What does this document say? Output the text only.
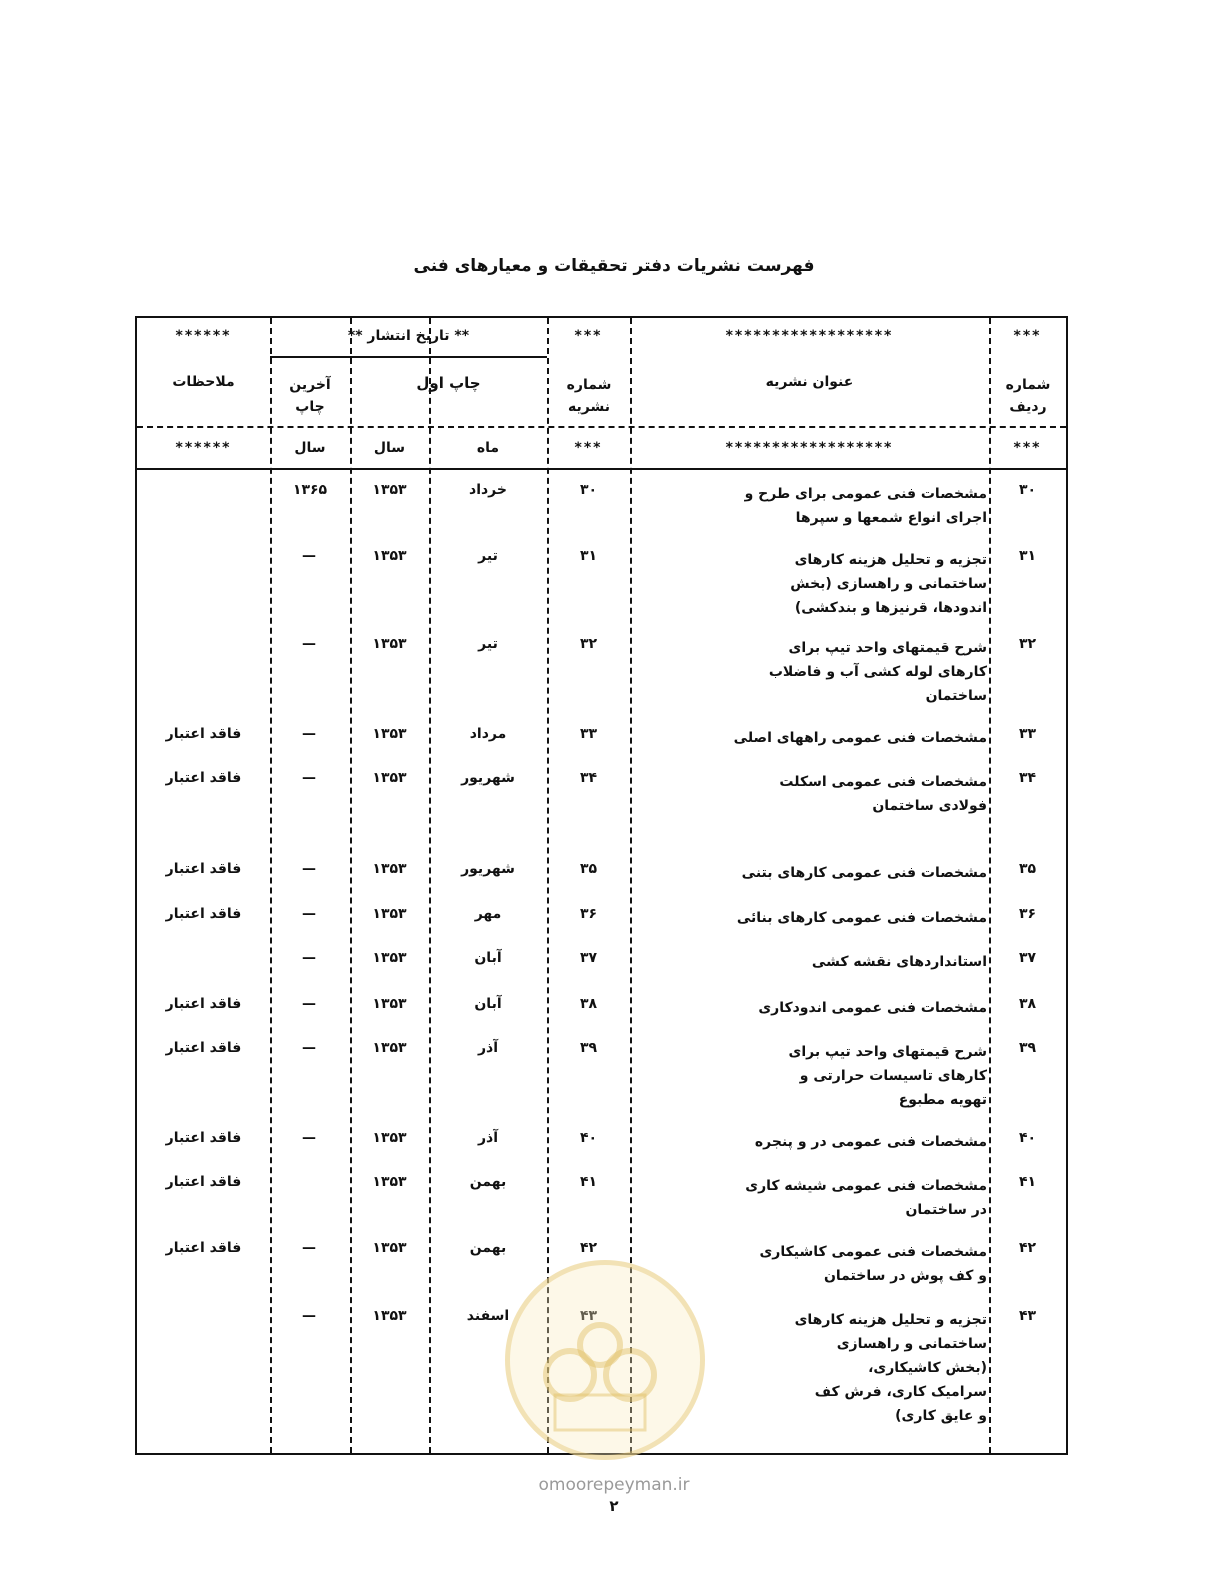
فهرست نشریات دفتر تحقیقات و معیارهای فنی
***
******************
***
** تاریخ انتشار **
******
شماره ردیف
عنوان نشریه
شماره نشریه
چاپ اول
آخرین چاپ
ملاحظات
***
******************
***
ماه
سال
سال
******
۳۰
مشخصات فنی عمومی برای طرح و
اجرای انواع شمعها و سپرها
۳۰
خرداد
۱۳۵۳
۱۳۶۵
۳۱
تجزیه و تحلیل هزینه کارهای
ساختمانی و راهسازی (بخش
اندودها، قرنیزها و بندکشی)
۳۱
تیر
۱۳۵۳
—
۳۲
شرح قیمتهای واحد تیپ برای
کارهای لوله کشی آب و فاضلاب
ساختمان
۳۲
تیر
۱۳۵۳
—
۳۳
مشخصات فنی عمومی راههای اصلی
۳۳
مرداد
۱۳۵۳
—
فاقد اعتبار
۳۴
مشخصات فنی عمومی اسکلت
فولادی ساختمان
۳۴
شهریور
۱۳۵۳
—
فاقد اعتبار
۳۵
مشخصات فنی عمومی کارهای بتنی
۳۵
شهریور
۱۳۵۳
—
فاقد اعتبار
۳۶
مشخصات فنی عمومی کارهای بنائی
۳۶
مهر
۱۳۵۳
—
فاقد اعتبار
۳۷
استانداردهای نقشه کشی
۳۷
آبان
۱۳۵۳
—
۳۸
مشخصات فنی عمومی اندودکاری
۳۸
آبان
۱۳۵۳
—
فاقد اعتبار
۳۹
شرح قیمتهای واحد تیپ برای
کارهای تاسیسات حرارتی و
تهویه مطبوع
۳۹
آذر
۱۳۵۳
—
فاقد اعتبار
۴۰
مشخصات فنی عمومی در و پنجره
۴۰
آذر
۱۳۵۳
—
فاقد اعتبار
۴۱
مشخصات فنی عمومی شیشه کاری
در ساختمان
۴۱
بهمن
۱۳۵۳
فاقد اعتبار
۴۲
مشخصات فنی عمومی کاشیکاری
و کف پوش در ساختمان
۴۲
بهمن
۱۳۵۳
—
فاقد اعتبار
۴۳
تجزیه و تحلیل هزینه کارهای
ساختمانی و راهسازی
(بخش کاشیکاری،
سرامیک کاری، فرش کف
و عایق کاری)
۴۳
اسفند
۱۳۵۳
—
omoorepeyman.ir
۲
